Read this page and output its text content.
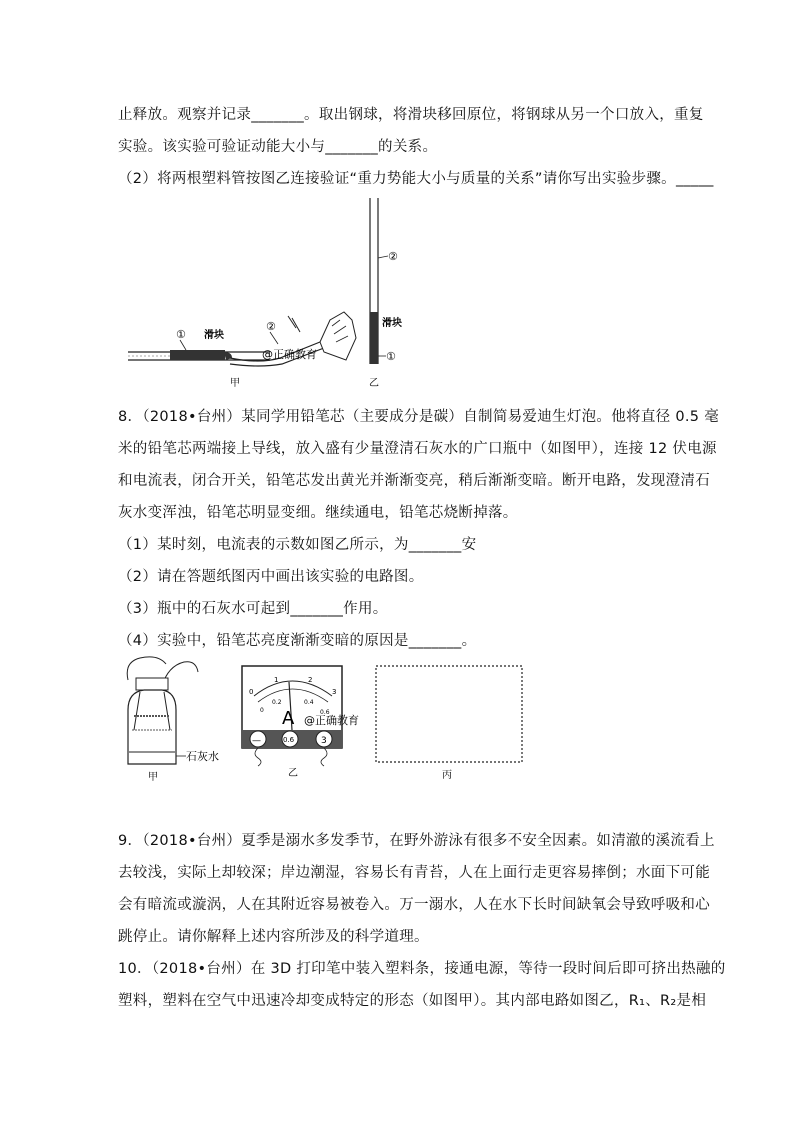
止释放。观察并记录_______。取出钢球，将滑块移回原位，将钢球从另一个口放入，重复
实验。该实验可验证动能大小与_______的关系。
（2）将两根塑料管按图乙连接验证“重力势能大小与质量的关系”请你写出实验步骤。_____
① 滑块
②
@正确教育
甲
②
滑块
①
乙
8．（2018•台州）某同学用铅笔芯（主要成分是碳）自制简易爱迪生灯泡。他将直径 0.5 毫
米的铅笔芯两端接上导线，放入盛有少量澄清石灰水的广口瓶中（如图甲），连接 12 伏电源
和电流表，闭合开关，铅笔芯发出黄光并渐渐变亮，稍后渐渐变暗。断开电路，发现澄清石
灰水变浑浊，铅笔芯明显变细。继续通电，铅笔芯烧断掉落。
（1）某时刻，电流表的示数如图乙所示，为_______安
（2）请在答题纸图丙中画出该实验的电路图。
（3）瓶中的石灰水可起到_______作用。
（4）实验中，铅笔芯亮度渐渐变暗的原因是_______。
石灰水
甲
0
1	2
3
0
0.2	0.4
0.6
A @正确教育
—	0.6	3
乙	丙
9．（2018•台州）夏季是溺水多发季节，在野外游泳有很多不安全因素。如清澈的溪流看上
去较浅，实际上却较深；岸边潮湿，容易长有青苔，人在上面行走更容易摔倒；水面下可能
会有暗流或漩涡，人在其附近容易被卷入。万一溺水，人在水下长时间缺氧会导致呼吸和心
跳停止。请你解释上述内容所涉及的科学道理。
10．（2018•台州）在 3D 打印笔中装入塑料条，接通电源，等待一段时间后即可挤出热融的
塑料，塑料在空气中迅速冷却变成特定的形态（如图甲）。其内部电路如图乙，R₁、R₂是相
